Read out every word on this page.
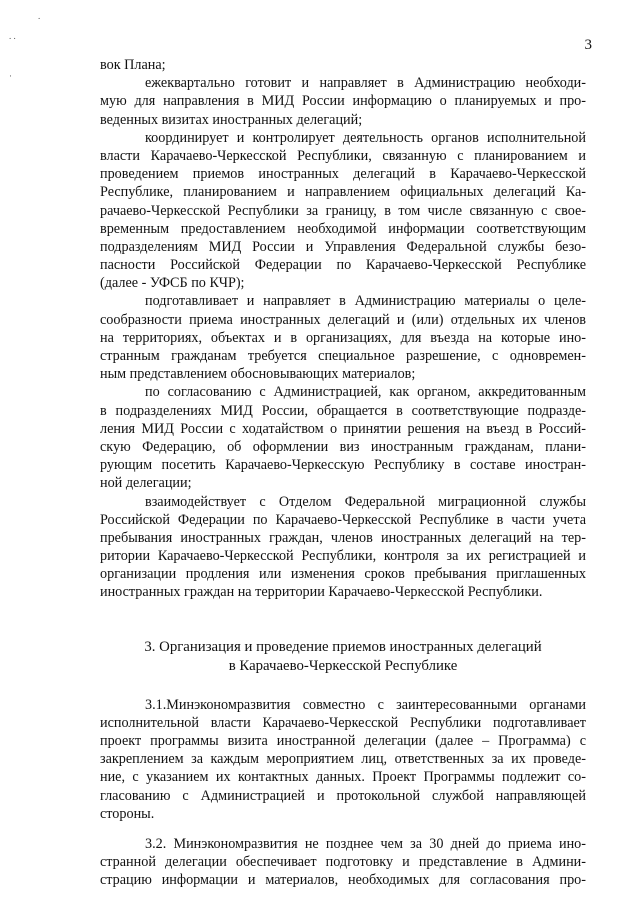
.
. .
·
3
вок Плана;
ежеквартально готовит и направляет в Администрацию необходи-
мую для направления в МИД России информацию о планируемых и про-
веденных визитах иностранных делегаций;
координирует и контролирует деятельность органов исполнительной
власти Карачаево-Черкесской Республики, связанную с планированием и
проведением приемов иностранных делегаций в Карачаево-Черкесской
Республике, планированием и направлением официальных делегаций Ка-
рачаево-Черкесской Республики за границу, в том числе связанную с свое-
временным предоставлением необходимой информации соответствующим
подразделениям МИД России и Управления Федеральной службы безо-
пасности Российской Федерации по Карачаево-Черкесской Республике
(далее - УФСБ по КЧР);
подготавливает и направляет в Администрацию материалы о целе-
сообразности приема иностранных делегаций и (или) отдельных их членов
на территориях, объектах и в организациях, для въезда на которые ино-
странным гражданам требуется специальное разрешение, с одновремен-
ным представлением обосновывающих материалов;
по согласованию с Администрацией, как органом, аккредитованным
в подразделениях МИД России, обращается в соответствующие подразде-
ления МИД России с ходатайством о принятии решения на въезд в Россий-
скую Федерацию, об оформлении виз иностранным гражданам, плани-
рующим посетить Карачаево-Черкесскую Республику в составе иностран-
ной делегации;
взаимодействует с Отделом Федеральной миграционной службы
Российской Федерации по Карачаево-Черкесской Республике в части учета
пребывания иностранных граждан, членов иностранных делегаций на тер-
ритории Карачаево-Черкесской Республики, контроля за их регистрацией и
организации продления или изменения сроков пребывания приглашенных
иностранных граждан на территории Карачаево-Черкесской Республики.
3. Организация и проведение приемов иностранных делегаций
в Карачаево-Черкесской Республике
3.1.Минэкономразвития совместно с заинтересованными органами
исполнительной власти Карачаево-Черкесской Республики подготавливает
проект программы визита иностранной делегации (далее – Программа) с
закреплением за каждым мероприятием лиц, ответственных за их проведе-
ние, с указанием их контактных данных. Проект Программы подлежит со-
гласованию с Администрацией и протокольной службой направляющей
стороны.
3.2. Минэкономразвития не позднее чем за 30 дней до приема ино-
странной делегации обеспечивает подготовку и представление в Админи-
страцию информации и материалов, необходимых для согласования про-
